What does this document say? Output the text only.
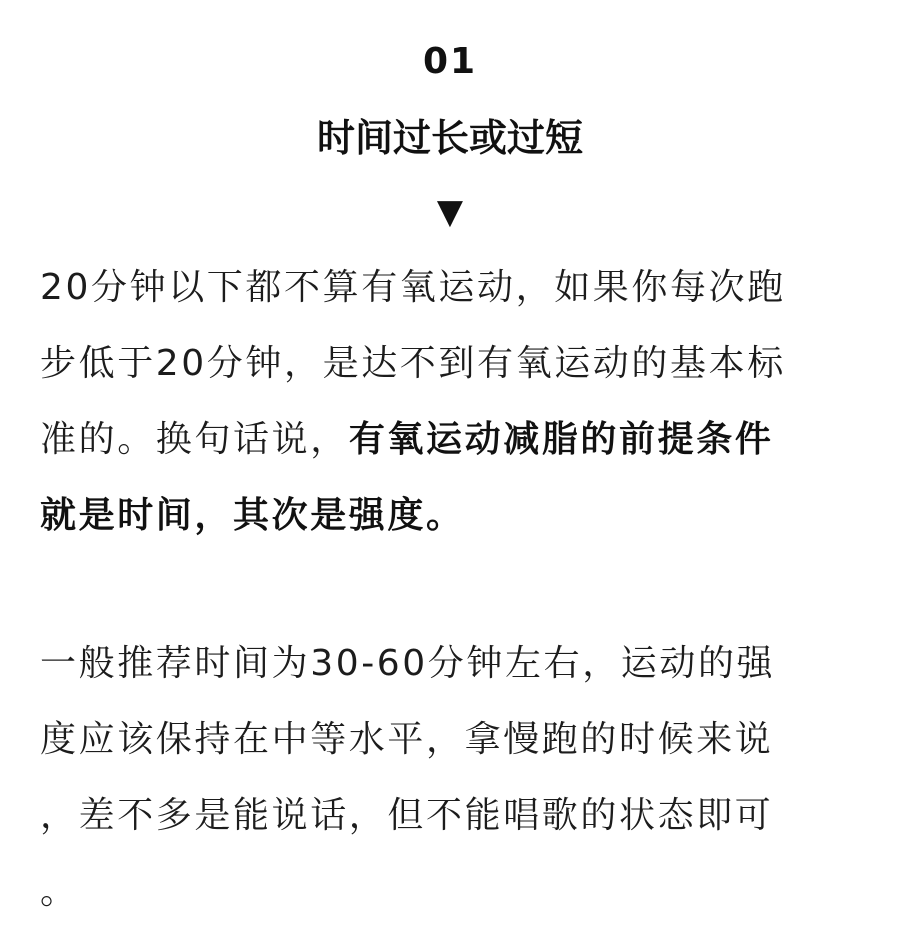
01
时间过长或过短
▼
20分钟以下都不算有氧运动，如果你每次跑
步低于20分钟，是达不到有氧运动的基本标
准的。换句话说，有氧运动减脂的前提条件
就是时间，其次是强度。
一般推荐时间为30-60分钟左右，运动的强
度应该保持在中等水平，拿慢跑的时候来说
，差不多是能说话，但不能唱歌的状态即可
。
